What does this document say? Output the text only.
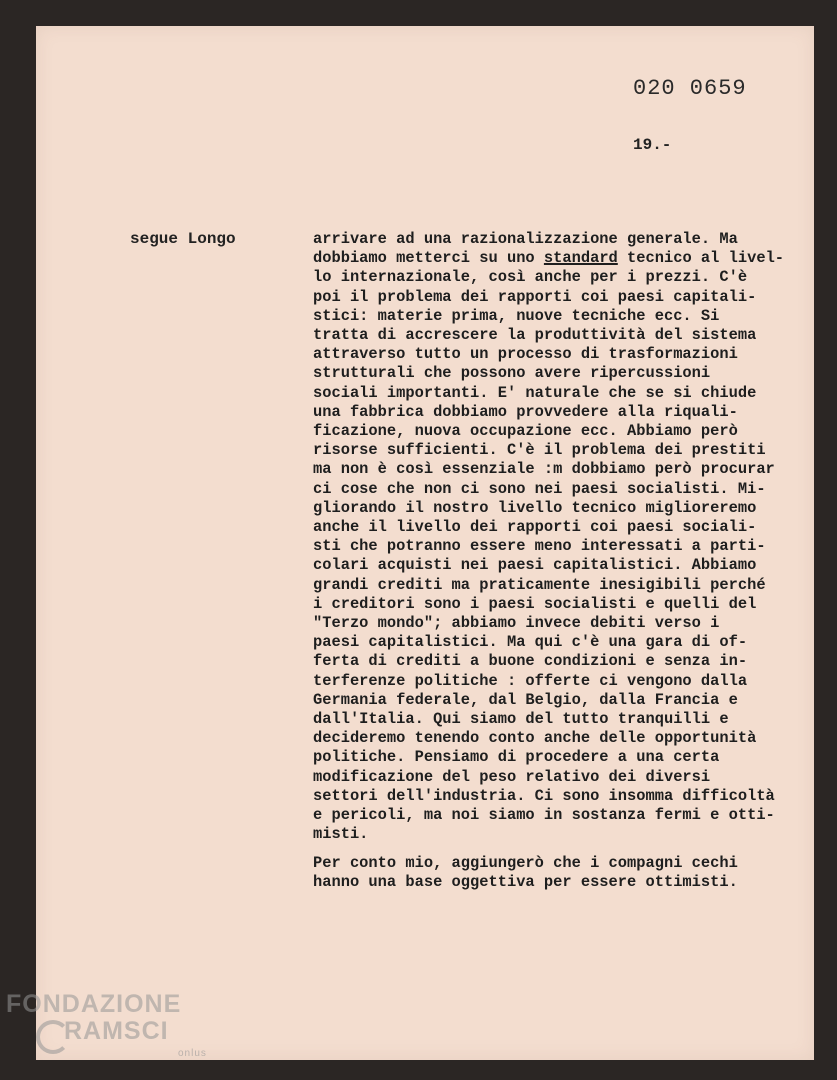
020 0659
19.-
segue Longo	arrivare ad una razionalizzazione generale. Ma
dobbiamo metterci su uno standard tecnico al livel-
lo internazionale, così anche per i prezzi. C'è
poi il problema dei rapporti coi paesi capitali-
stici: materie prima, nuove tecniche ecc. Si
tratta di accrescere la produttività del sistema
attraverso tutto un processo di trasformazioni
strutturali che possono avere ripercussioni
sociali importanti. E' naturale che se si chiude
una fabbrica dobbiamo provvedere alla riquali-
ficazione, nuova occupazione ecc. Abbiamo però
risorse sufficienti. C'è il problema dei prestiti
ma non è così essenziale :m dobbiamo però procurar
ci cose che non ci sono nei paesi socialisti. Mi-
gliorando il nostro livello tecnico miglioreremo
anche il livello dei rapporti coi paesi sociali-
sti che potranno essere meno interessati a parti-
colari acquisti nei paesi capitalistici. Abbiamo
grandi crediti ma praticamente inesigibili perché
i creditori sono i paesi socialisti e quelli del
"Terzo mondo"; abbiamo invece debiti verso i
paesi capitalistici. Ma qui c'è una gara di of-
ferta di crediti a buone condizioni e senza in-
terferenze politiche : offerte ci vengono dalla
Germania federale, dal Belgio, dalla Francia e
dall'Italia. Qui siamo del tutto tranquilli e
decideremo tenendo conto anche delle opportunità
politiche. Pensiamo di procedere a una certa
modificazione del peso relativo dei diversi
settori dell'industria. Ci sono insomma difficoltà
e pericoli, ma noi siamo in sostanza fermi e otti-
misti.
Per conto mio, aggiungerò che i compagni cechi
hanno una base oggettiva per essere ottimisti.
FONDAZIONE
RAMSCI
onlus
